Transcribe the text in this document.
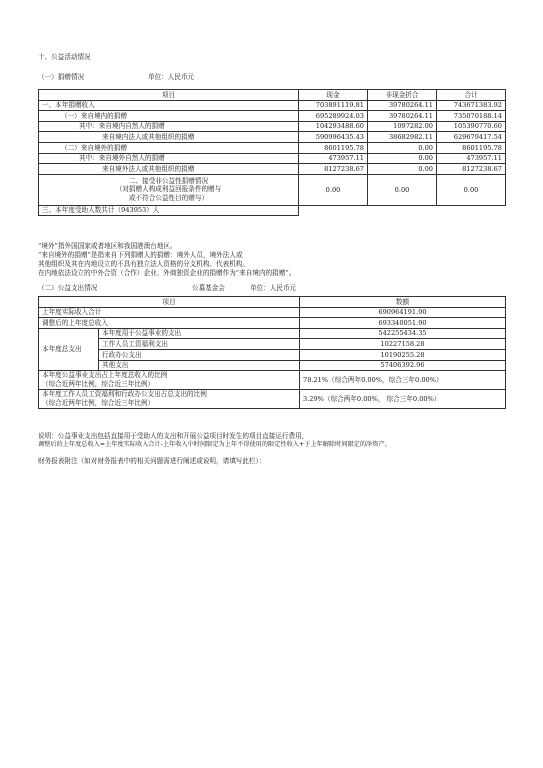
十、公益活动情况
（一）捐赠情况	单位：人民币元
项目	现金	非现金折合	合计
一、本年捐赠收入	703891119.81	39780264.11	743671383.92
（一）来自境内的捐赠	695289924.03	39780264.11	735070188.14
其中：来自境内自然人的捐赠	104293488.60	1097282.00	105390770.60
来自境内法人或其他组织的捐赠	590996435.43	38682982.11	629679417.54
（二）来自境外的捐赠	8601195.78	0.00	8601195.78
其中：来自境外自然人的捐赠	473957.11	0.00	473957.11
来自境外法人或其他组织的捐赠	8127238.67	0.00	8127238.67

二、接受非公益性捐赠情况
（对捐赠人构成利益回报条件的赠与
或不符合公益性目的赠与）	0.00	0.00	0.00
三、本年度受助人数共计（943953）人			
“境外”指外国国家或者地区和我国港澳台地区。
“来自境外的捐赠”是指来自下列捐赠人的捐赠：境外人员，境外法人或
其他组织及其在内地设立的不具有独立法人资格的分支机构、代表机构。
在内地依法设立的中外合资（合作）企业、外商独资企业的捐赠作为“来自境内的捐赠”。
（二）公益支出情况	公募基金会	单位：人民币元
项目		数额
上年度实际收入合计		690964191.90
调整后的上年度总收入		693340051.90
本年度总支出	本年度用于公益事业的支出	542255434.35
	工作人员工资福利支出	10227158.28
	行政办公支出	10190255.28
	其他支出	57406392.96

本年度公益事业支出占上年度总收入的比例
（综合近两年比例，综合近三年比例）		78.21%（综合两年0.00%，综合三年0.00%）

本年度工作人员工资福利和行政办公支出占总支出的比例
（综合近两年比例，综合近三年比例）		3.29%（综合两年0.00%， 综合三年0.00%）
说明：公益事业支出包括直接用于受助人的支出和开展公益项目时发生的项目直接运行费用，
调整后的上年度总收入=上年度实际收入合计-上年收入中时间限定为上年不得使用的限定性收入+于上年解除时间限定的净资产。
财务报表附注（如对财务报表中的相关问题需进行阐述或说明，请填写此栏）：
